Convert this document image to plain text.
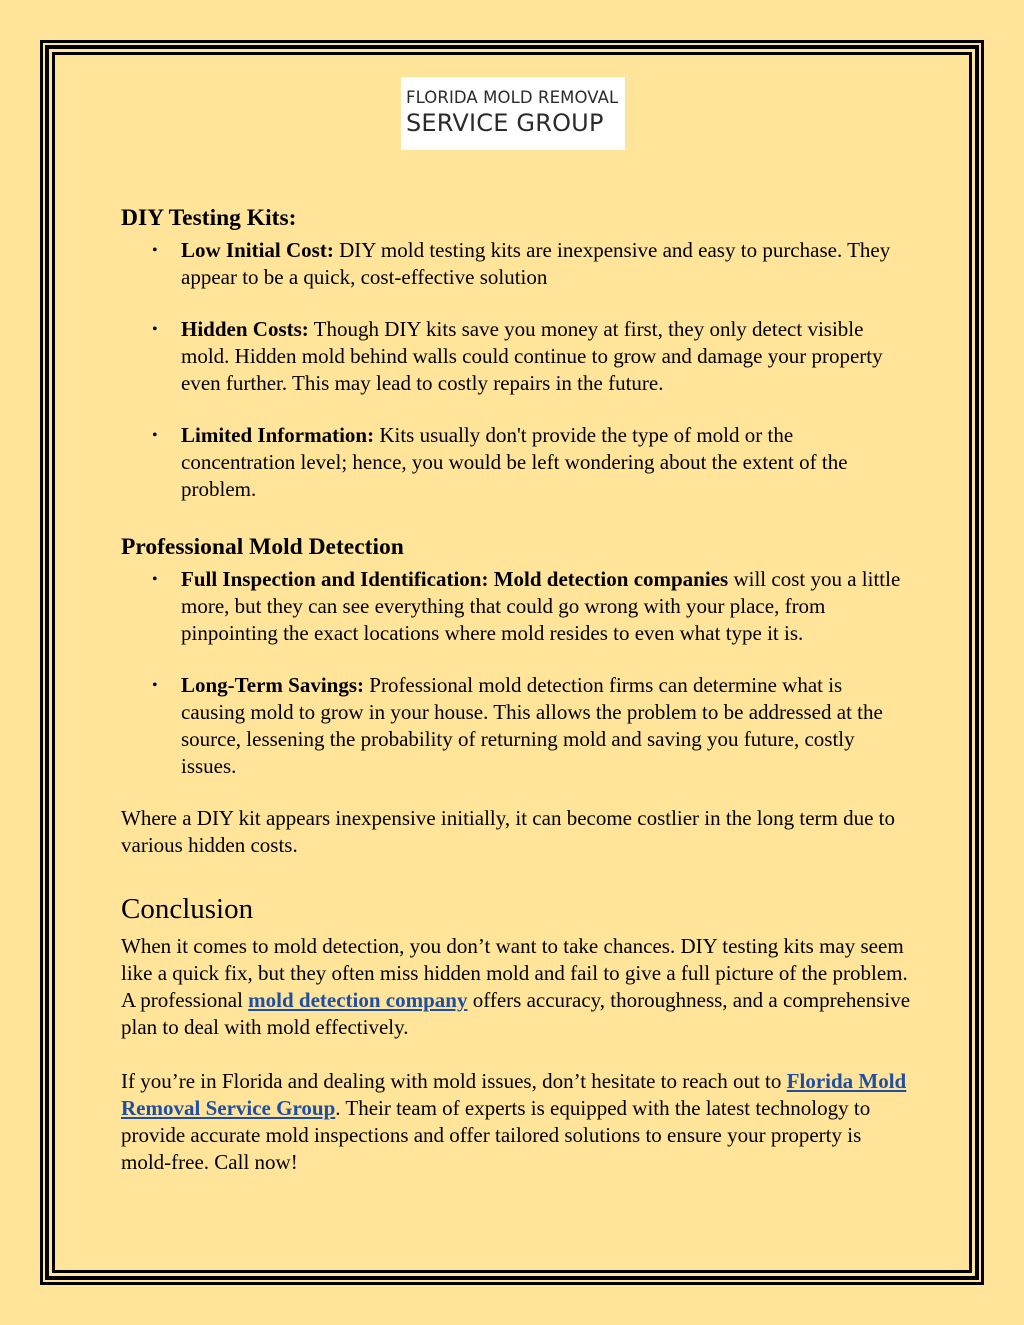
FLORIDA MOLD REMOVAL
SERVICE GROUP
DIY Testing Kits:
• Low Initial Cost: DIY mold testing kits are inexpensive and easy to purchase. They appear to be a quick, cost-effective solution
• Hidden Costs: Though DIY kits save you money at first, they only detect visible mold. Hidden mold behind walls could continue to grow and damage your property even further. This may lead to costly repairs in the future.
• Limited Information: Kits usually don't provide the type of mold or the concentration level; hence, you would be left wondering about the extent of the problem.
Professional Mold Detection
• Full Inspection and Identification: Mold detection companies will cost you a little more, but they can see everything that could go wrong with your place, from pinpointing the exact locations where mold resides to even what type it is.
• Long-Term Savings: Professional mold detection firms can determine what is causing mold to grow in your house. This allows the problem to be addressed at the source, lessening the probability of returning mold and saving you future, costly issues.

Where a DIY kit appears inexpensive initially, it can become costlier in the long term due to various hidden costs.

Conclusion

When it comes to mold detection, you don’t want to take chances. DIY testing kits may seem like a quick fix, but they often miss hidden mold and fail to give a full picture of the problem. A professional mold detection company offers accuracy, thoroughness, and a comprehensive plan to deal with mold effectively.

If you’re in Florida and dealing with mold issues, don’t hesitate to reach out to Florida Mold Removal Service Group. Their team of experts is equipped with the latest technology to provide accurate mold inspections and offer tailored solutions to ensure your property is mold-free. Call now!
